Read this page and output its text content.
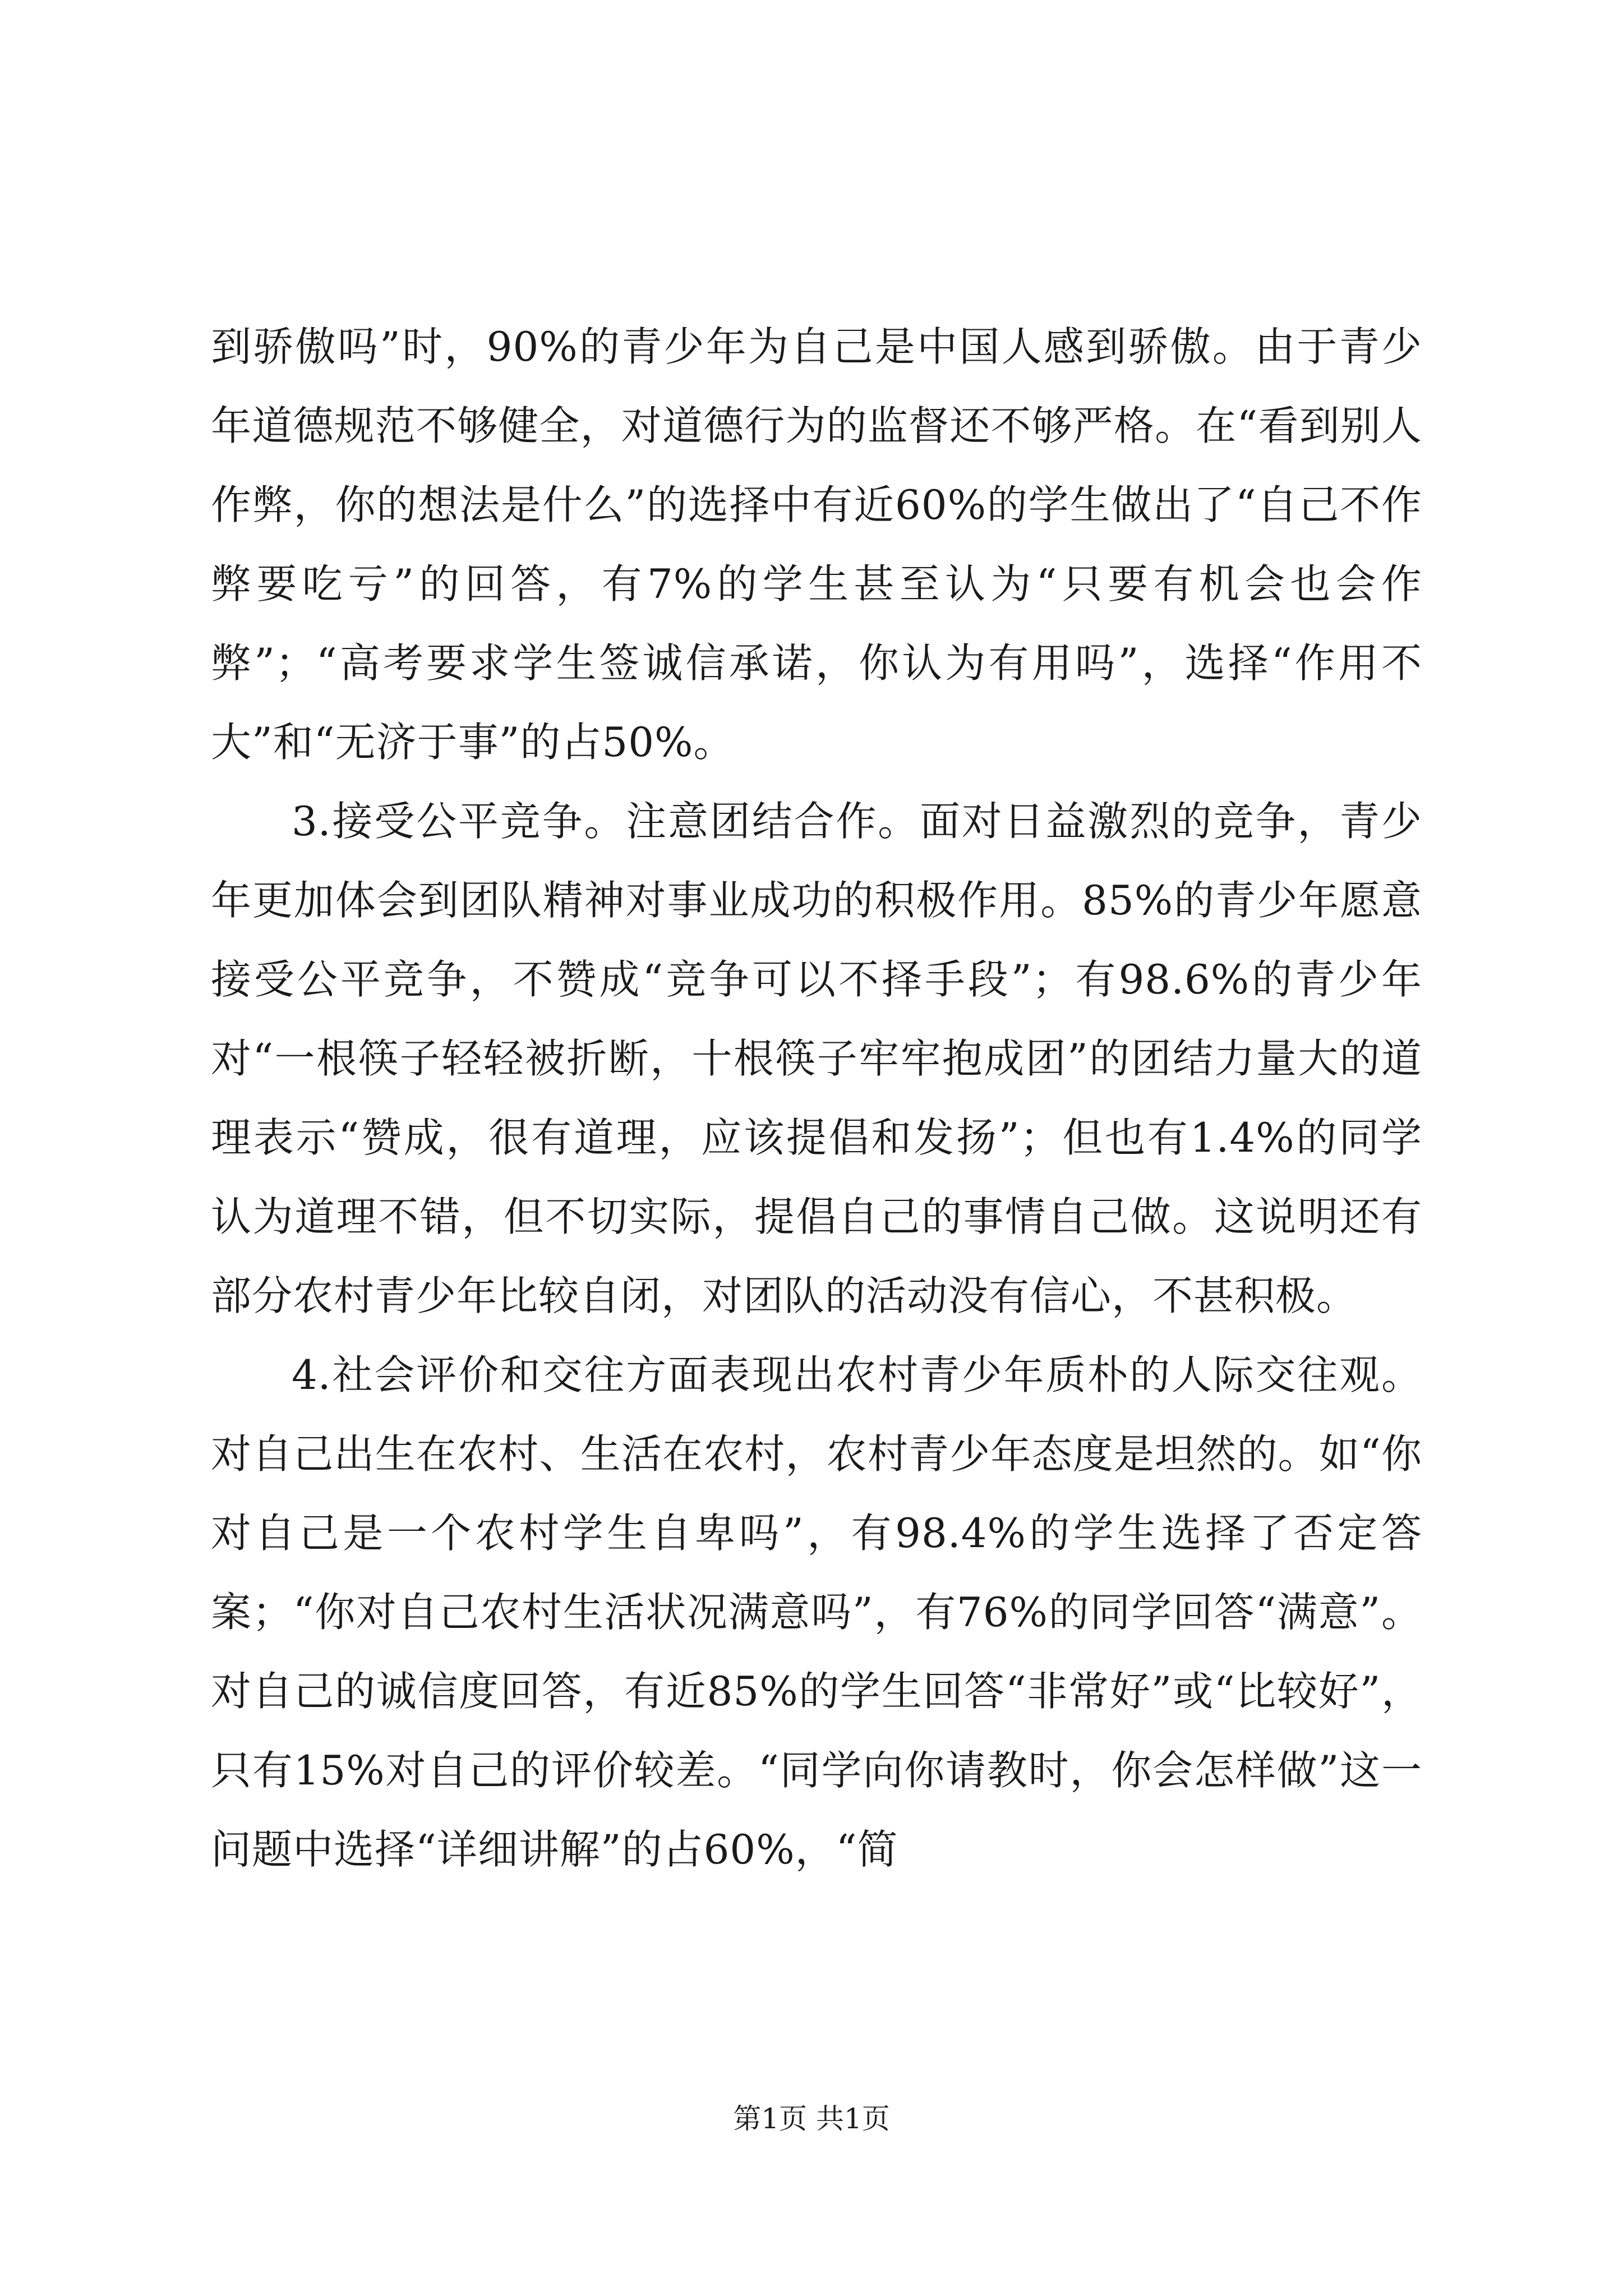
到骄傲吗”时，90%的青少年为自己是中国人感到骄傲。由于青少年道德规范不够健全，对道德行为的监督还不够严格。在“看到别人作弊，你的想法是什么”的选择中有近60%的学生做出了“自己不作弊要吃亏”的回答，有7%的学生甚至认为“只要有机会也会作弊”；“高考要求学生签诚信承诺，你认为有用吗”，选择“作用不大”和“无济于事”的占50%。

3.接受公平竞争。注意团结合作。面对日益激烈的竞争，青少年更加体会到团队精神对事业成功的积极作用。85%的青少年愿意接受公平竞争，不赞成“竞争可以不择手段”；有98.6%的青少年对“一根筷子轻轻被折断，十根筷子牢牢抱成团”的团结力量大的道理表示“赞成，很有道理，应该提倡和发扬”；但也有1.4%的同学认为道理不错，但不切实际，提倡自己的事情自己做。这说明还有部分农村青少年比较自闭，对团队的活动没有信心，不甚积极。

4.社会评价和交往方面表现出农村青少年质朴的人际交往观。对自己出生在农村、生活在农村，农村青少年态度是坦然的。如“你对自己是一个农村学生自卑吗”，有98.4%的学生选择了否定答案；“你对自己农村生活状况满意吗”，有76%的同学回答“满意”。对自己的诚信度回答，有近85%的学生回答“非常好”或“比较好”，只有15%对自己的评价较差。“同学向你请教时，你会怎样做”这一问题中选择“详细讲解”的占60%，“简

第1页 共1页
